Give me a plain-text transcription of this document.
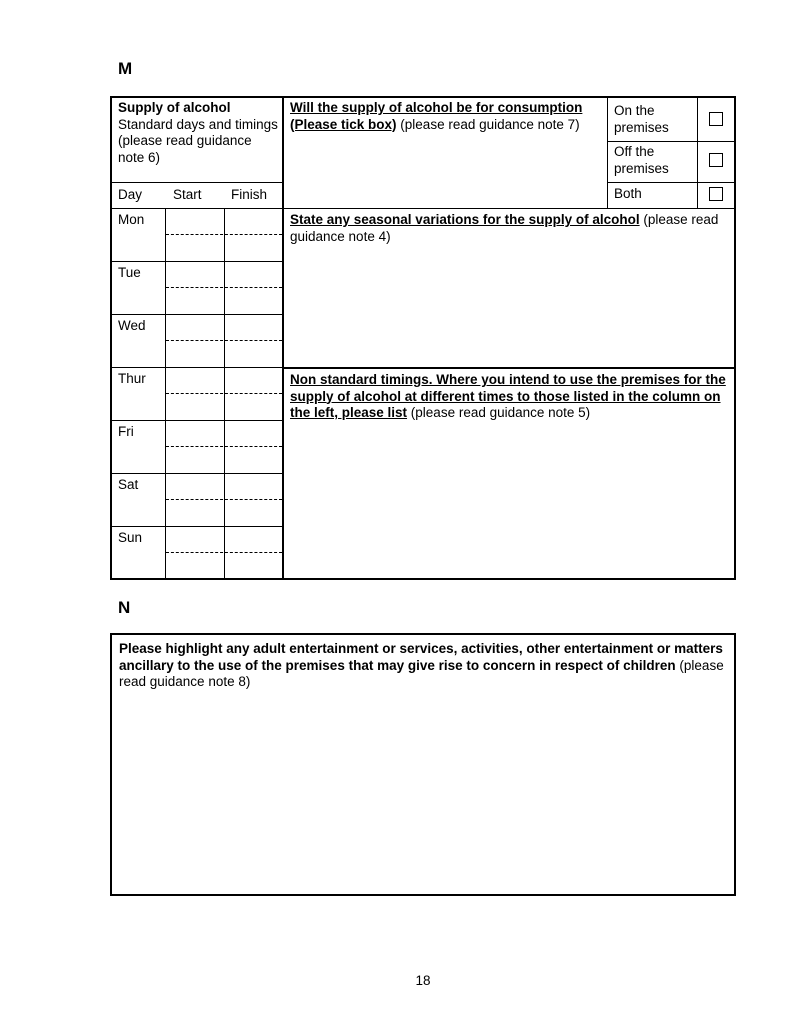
M
Supply of alcohol
Standard days and timings (please read guidance note 6)
Will the supply of alcohol be for consumption (Please tick box) (please read guidance note 7)
On the premises
Off the premises
Both
Day Start Finish
Mon
Tue
Wed
Thur
Fri
Sat
Sun
State any seasonal variations for the supply of alcohol (please read guidance note 4)
Non standard timings. Where you intend to use the premises for the supply of alcohol at different times to those listed in the column on the left, please list (please read guidance note 5)
N
Please highlight any adult entertainment or services, activities, other entertainment or matters ancillary to the use of the premises that may give rise to concern in respect of children (please read guidance note 8)
18
